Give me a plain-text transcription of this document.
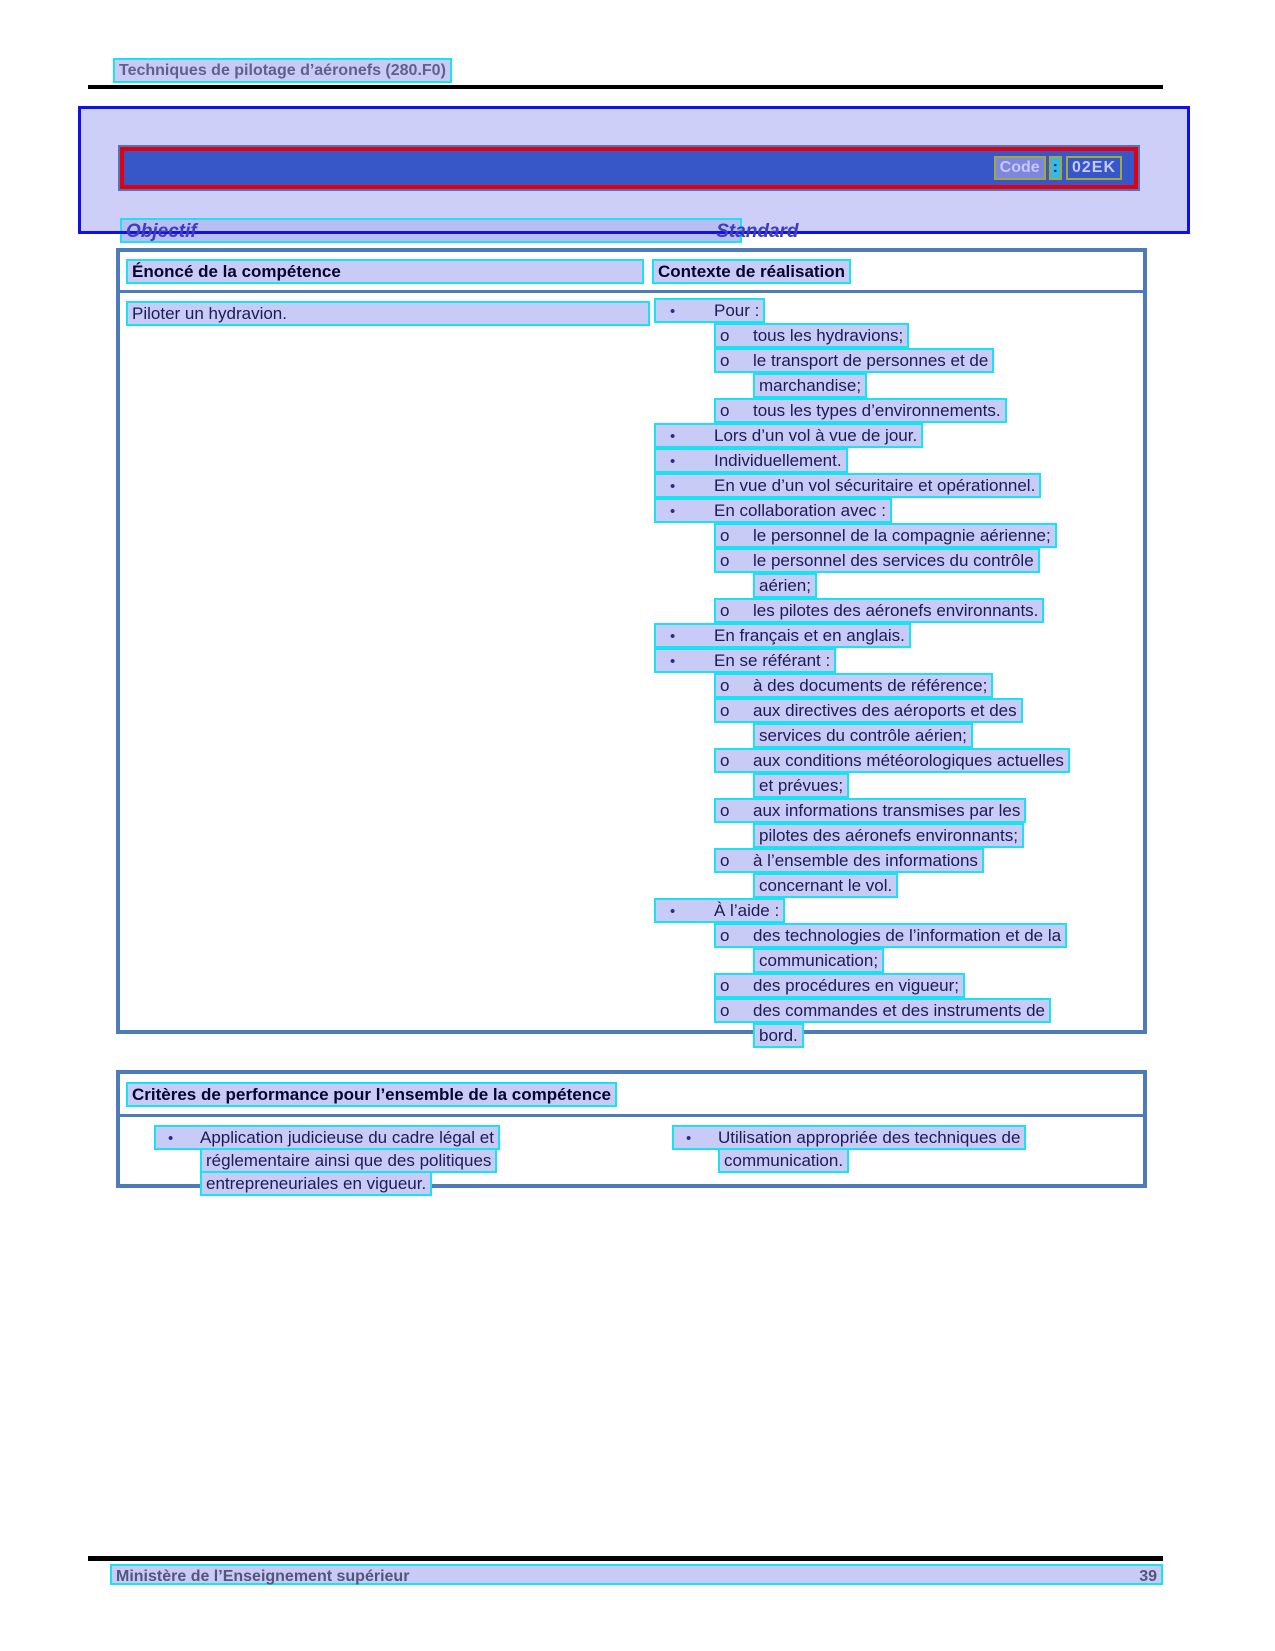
Techniques de pilotage d’aéronefs (280.F0)
Code : 02EK
Objectif	Standard
Énoncé de la compétence	Contexte de réalisation
Piloter un hydravion.	• Pour :
o tous les hydravions;
o le transport de personnes et de
marchandise;
o tous les types d’environnements.
• Lors d’un vol à vue de jour.
• Individuellement.
• En vue d’un vol sécuritaire et opérationnel.
• En collaboration avec :
o le personnel de la compagnie aérienne;
o le personnel des services du contrôle
aérien;
o les pilotes des aéronefs environnants.
• En français et en anglais.
• En se référant :
o à des documents de référence;
o aux directives des aéroports et des
services du contrôle aérien;
o aux conditions météorologiques actuelles
et prévues;
o aux informations transmises par les
pilotes des aéronefs environnants;
o à l’ensemble des informations
concernant le vol.
• À l’aide :
o des technologies de l’information et de la
communication;
o des procédures en vigueur;
o des commandes et des instruments de
bord.
Critères de performance pour l’ensemble de la compétence
• Application judicieuse du cadre légal et
réglementaire ainsi que des politiques
entrepreneuriales en vigueur.
• Utilisation appropriée des techniques de
communication.
Ministère de l’Enseignement supérieur	39
